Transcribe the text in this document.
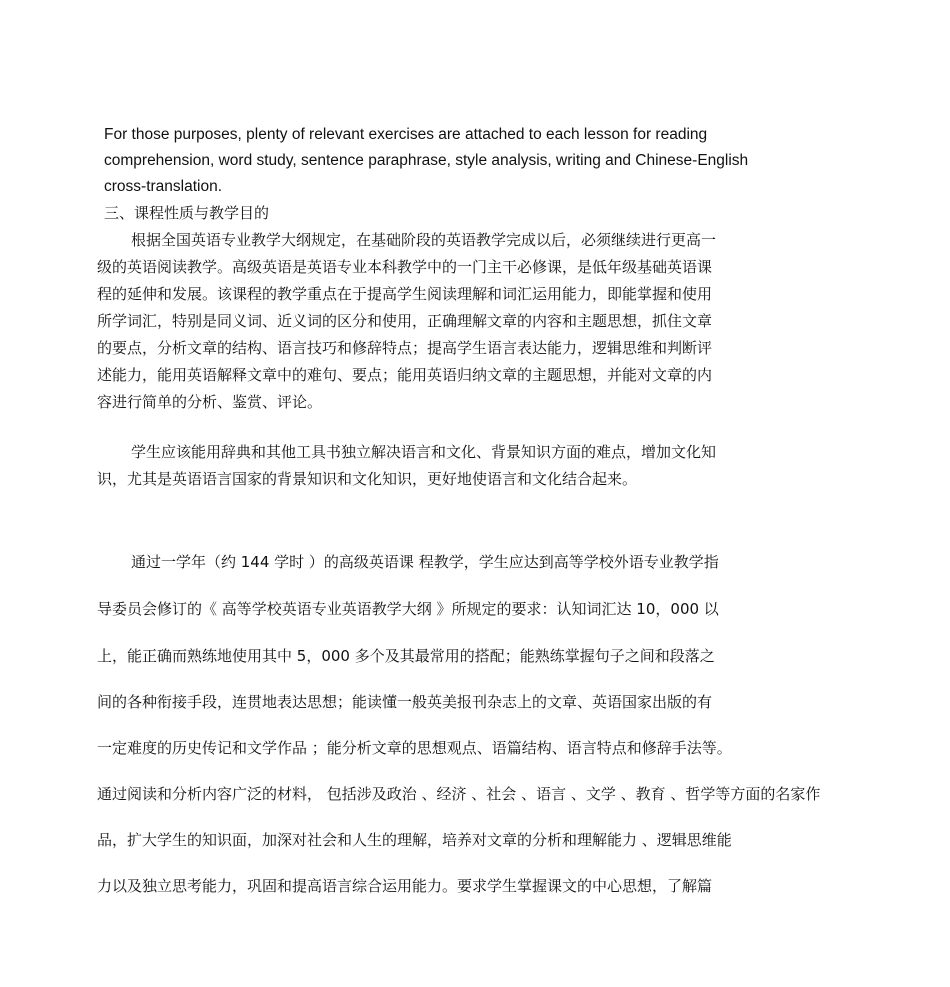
For those purposes, plenty of relevant exercises are attached to each lesson for reading
comprehension, word study, sentence paraphrase, style analysis, writing and Chinese-English
cross-translation.
三、课程性质与教学目的
根据全国英语专业教学大纲规定，在基础阶段的英语教学完成以后，必须继续进行更高一
级的英语阅读教学。高级英语是英语专业本科教学中的一门主干必修课，是低年级基础英语课
程的延伸和发展。该课程的教学重点在于提高学生阅读理解和词汇运用能力，即能掌握和使用
所学词汇，特别是同义词、近义词的区分和使用，正确理解文章的内容和主题思想，抓住文章
的要点，分析文章的结构、语言技巧和修辞特点；提高学生语言表达能力，逻辑思维和判断评
述能力，能用英语解释文章中的难句、要点；能用英语归纳文章的主题思想，并能对文章的内
容进行简单的分析、鉴赏、评论。
学生应该能用辞典和其他工具书独立解决语言和文化、背景知识方面的难点，增加文化知
识，尤其是英语语言国家的背景知识和文化知识，更好地使语言和文化结合起来。
通过一学年（约 144 学时 ）的高级英语课 程教学，学生应达到高等学校外语专业教学指
导委员会修订的《 高等学校英语专业英语教学大纲 》所规定的要求：认知词汇达 10，000 以
上，能正确而熟练地使用其中 5，000 多个及其最常用的搭配；能熟练掌握句子之间和段落之
间的各种衔接手段，连贯地表达思想；能读懂一般英美报刊杂志上的文章、英语国家出版的有
一定难度的历史传记和文学作品 ；能分析文章的思想观点、语篇结构、语言特点和修辞手法等。
通过阅读和分析内容广泛的材料， 包括涉及政治 、经济 、社会 、语言 、文学 、教育 、哲学等方面的名家作
品，扩大学生的知识面，加深对社会和人生的理解，培养对文章的分析和理解能力 、逻辑思维能
力以及独立思考能力，巩固和提高语言综合运用能力。要求学生掌握课文的中心思想，了解篇
